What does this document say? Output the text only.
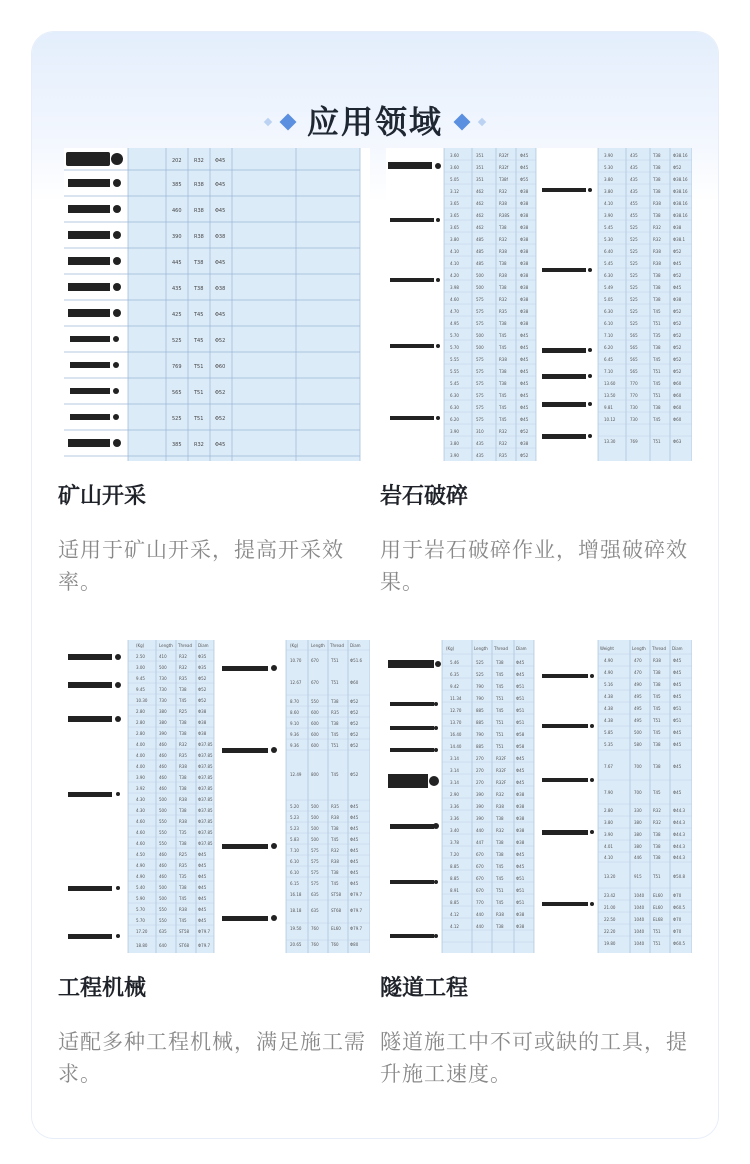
应用领域
202 R32 Φ45
385 R38 Φ45
460 R38 Φ45
390 R38 Φ38
445 T38 Φ45
435 T38 Φ38
425 T45 Φ45
525 T45 Φ52
769 T51 Φ60
565 T51 Φ52
525 T51 Φ52
385 R32 Φ45
3.60	351	R32f	Φ45
3.60	351	R32f	Φ45
5.05	351	T38f	Φ55
3.12	462	R32	Φ38
3.65	462	R38	Φ38
3.65	462	R38S	Φ38
3.65	462	T38	Φ38
3.80	485	R32	Φ38
4.10	485	R38	Φ38
4.10	485	T38	Φ38
4.20	500	R38	Φ38
3.98	500	T38	Φ38
4.60	575	R32	Φ38
4.70	575	R35	Φ38
4.95	575	T38	Φ38
5.70	500	T45	Φ45
5.70	500	T45	Φ45
5.55	575	R38	Φ45
5.55	575	T38	Φ45
5.45	575	T38	Φ45
6.30	575	T45	Φ45
6.30	575	T45	Φ45
6.20	575	T45	Φ45
3.90	310	R32	Φ52
3.80	435	R32	Φ38
3.90	435	R35	Φ52
3.90	435	T38	Φ38.16
5.30	435	T38	Φ52
3.80	435	T38	Φ38.16
3.80	435	T38	Φ38.16
4.10	455	R38	Φ38.16
3.90	455	T38	Φ38.16
5.45	525	R32	Φ38
5.30	525	R32	Φ38.1
6.40	525	R38	Φ52
5.45	525	R38	Φ45
6.30	525	T38	Φ52
5.49	525	T38	Φ45
5.05	525	T38	Φ38
6.30	525	T45	Φ52
6.10	525	T51	Φ52
7.10	565	T35	Φ52
6.20	565	T38	Φ52
6.45	565	T45	Φ52
7.10	565	T51	Φ52
13.60	770	T45	Φ60
13.50	770	T51	Φ60
9.81	730	T38	Φ60
10.12	730	T45	Φ60
13.30	769	T51	Φ63
(Kg)	Length Thread Diam
2.50	410	R32	Φ35
3.00	500	R32	Φ35
9.45	730	R35	Φ52
9.45	730	T38	Φ52
10.30	730	T45	Φ52
2.80	380	R25	Φ38
2.80	380	T38	Φ38
2.80	390	T38	Φ38
4.00	460	R32	Φ37.85
4.00	460	R35	Φ37.85
4.00	460	R38	Φ37.85
3.90	460	T38	Φ37.85
3.92	460	T38	Φ37.85
4.30	500	R38	Φ37.85
4.30	500	T38	Φ37.85
4.60	550	R38	Φ37.85
4.60	550	T35	Φ37.85
4.60	550	T38	Φ37.85
4.50	460	R25	Φ45
4.90	460	R35	Φ45
4.90	460	T35	Φ45
5.40	500	T38	Φ45
5.90	500	T45	Φ45
5.70	550	R38	Φ45
5.70	550	T45	Φ45
17.20	635	ST58 Φ79.7
18.80	640	ST68 Φ79.7
(Kg)	Length Thread Diam
10.70 670	T51	Φ51.6
12.67 670	T51	Φ60
8.70	550	T38	Φ52
8.60	600	R35	Φ52
9.10	600	T38	Φ52
9.36	600	T45	Φ52
9.36	600	T51	Φ52
12.49 800	T45	Φ52
5.20	500	R35	Φ45
5.23	500	R38	Φ45
5.23	500	T38	Φ45
5.83	500	T45	Φ45
7.10	575	R32	Φ45
6.10	575	R38	Φ45
6.10	575	T38	Φ45
6.15	575	T45	Φ45
16.18 635	ST58 Φ79.7
18.18 635	ST68 Φ79.7
19.50 760	EL60 Φ79.7
20.65 760	T60	Φ80
(Kg)	Length Thread Diam
5.46	525	T38	Φ45
6.35	525	T45	Φ45
9.42	790	T45	Φ51
11.34	790	T51	Φ51
12.70	885	T45	Φ51
13.70	885	T51	Φ51
16.40	790	T51	Φ58
14.40	885	T51	Φ58
3.14	270	R32F Φ45
3.14	270	R32F Φ45
3.14	270	R32F Φ45
2.90	390	R32	Φ38
3.36	390	R38	Φ38
3.36	390	T38	Φ38
3.40	440	R32	Φ38
3.78	447	T38	Φ38
7.20	670	T38	Φ45
8.85	670	T45	Φ45
8.85	670	T45	Φ51
8.91	670	T51	Φ51
8.85	770	T45	Φ51
4.12	440	R38	Φ38
4.12	440	T38	Φ38
Weight	Length Thread Diam
4.90	470	R38	Φ45
4.90	470	T38	Φ45
5.16	490	T38	Φ45
4.38	495	T45	Φ45
4.38	495	T45	Φ51
4.38	495	T51	Φ51
5.85	500	T45	Φ45
5.35	580	T38	Φ45
7.67	700	T38	Φ45
7.90	700	T45	Φ45
2.80	330	R32	Φ44.3
3.80	380	R32	Φ44.3
3.90	380	T38	Φ44.3
4.01	380	T38	Φ44.3
4.10	446	T38	Φ44.3
13.20	915	T51	Φ50.8
23.42	1040 EL60	Φ70
21.00	1040 EL60	Φ60.5
22.50	1040 EL68	Φ70
22.20	1040 T51	Φ70
19.80	1040 T51	Φ60.5
矿山开采
适用于矿山开采，提高开采效率。
岩石破碎
用于岩石破碎作业，增强破碎效果。
工程机械
适配多种工程机械，满足施工需求。
隧道工程
隧道施工中不可或缺的工具，提升施工速度。
